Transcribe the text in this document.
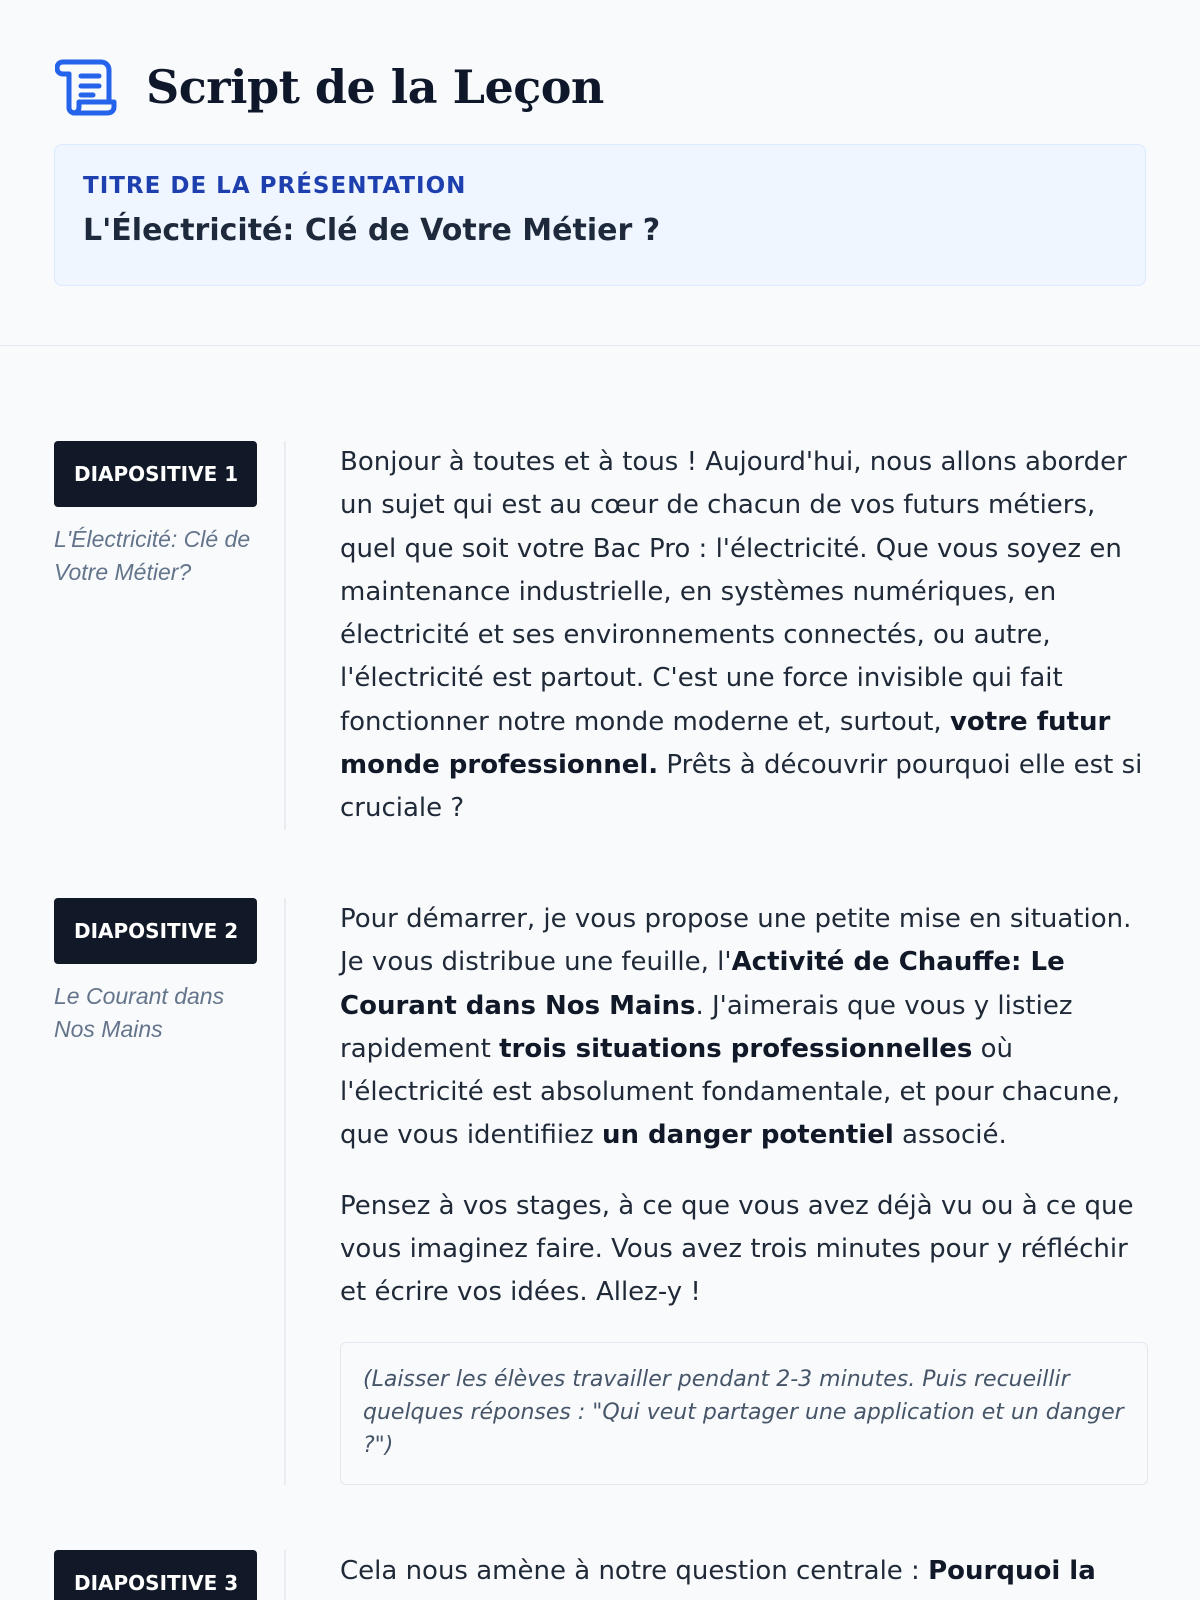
Script de la Leçon
TITRE DE LA PRÉSENTATION
L'Électricité: Clé de Votre Métier ?
DIAPOSITIVE 1
L'Électricité: Clé de Votre Métier?

Bonjour à toutes et à tous ! Aujourd'hui, nous allons aborder un sujet qui est au cœur de chacun de vos futurs métiers, quel que soit votre Bac Pro : l'électricité. Que vous soyez en maintenance industrielle, en systèmes numériques, en électricité et ses environnements connectés, ou autre, l'électricité est partout. C'est une force invisible qui fait fonctionner notre monde moderne et, surtout, votre futur monde professionnel. Prêts à découvrir pourquoi elle est si cruciale ?

DIAPOSITIVE 2
Le Courant dans Nos Mains

Pour démarrer, je vous propose une petite mise en situation. Je vous distribue une feuille, l'Activité de Chauffe: Le Courant dans Nos Mains. J'aimerais que vous y listiez rapidement trois situations professionnelles où l'électricité est absolument fondamentale, et pour chacune, que vous identifiiez un danger potentiel associé.

Pensez à vos stages, à ce que vous avez déjà vu ou à ce que vous imaginez faire. Vous avez trois minutes pour y réfléchir et écrire vos idées. Allez-y !

(Laisser les élèves travailler pendant 2-3 minutes. Puis recueillir quelques réponses : "Qui veut partager une application et un danger ?")
DIAPOSITIVE 3	Cela nous amène à notre question centrale : Pourquoi la
